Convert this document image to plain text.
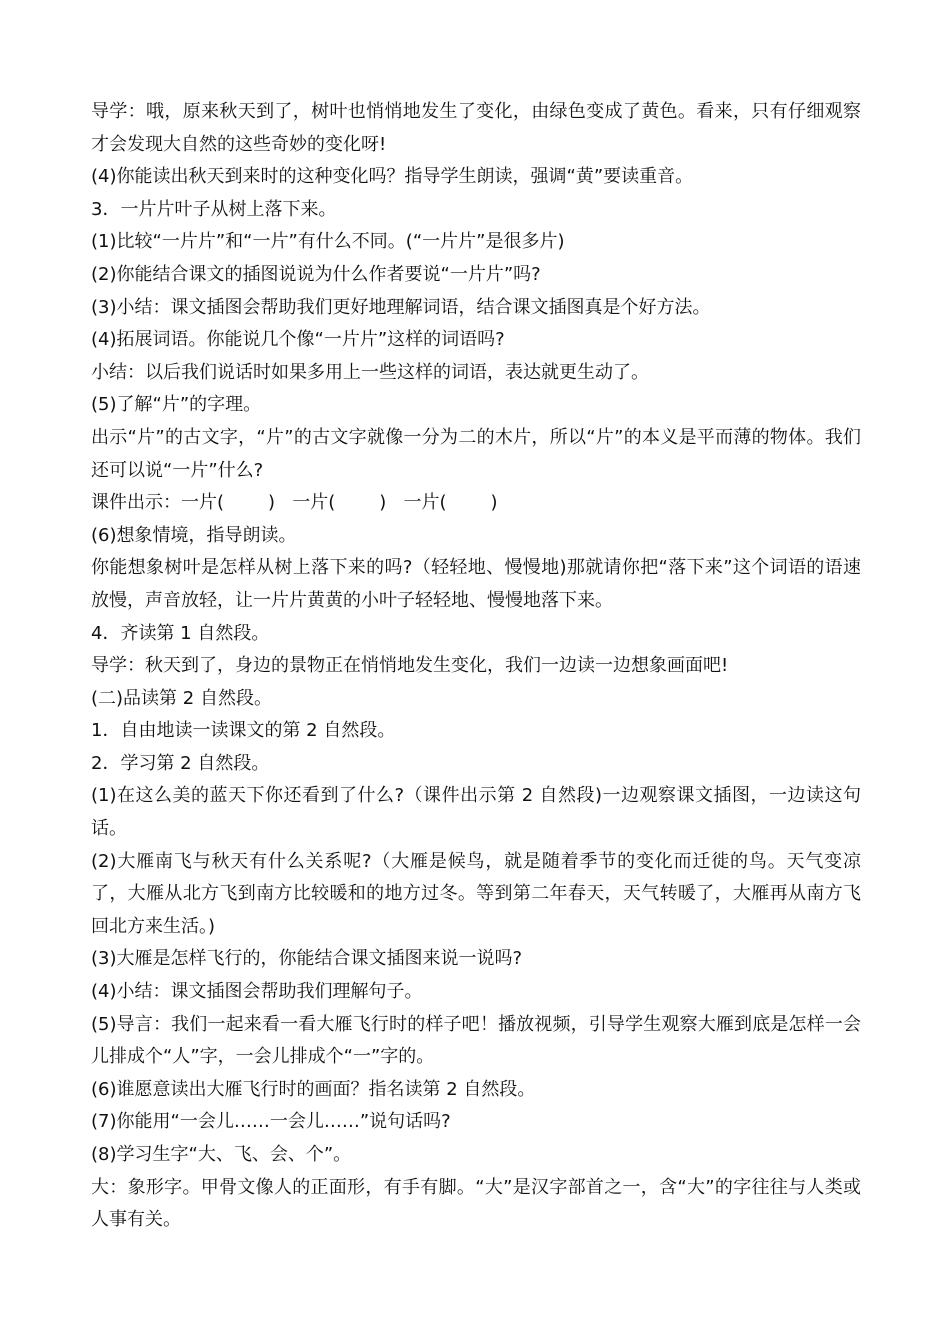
导学：哦，原来秋天到了，树叶也悄悄地发生了变化，由绿色变成了黄色。看来，只有仔细观察才会发现大自然的这些奇妙的变化呀!

(4)你能读出秋天到来时的这种变化吗？指导学生朗读，强调“黄”要读重音。

3．一片片叶子从树上落下来。

(1)比较“一片片”和“一片”有什么不同。(“一片片”是很多片)

(2)你能结合课文的插图说说为什么作者要说“一片片”吗?

(3)小结：课文插图会帮助我们更好地理解词语，结合课文插图真是个好方法。

(4)拓展词语。你能说几个像“一片片”这样的词语吗?

小结：以后我们说话时如果多用上一些这样的词语，表达就更生动了。

(5)了解“片”的字理。

出示“片”的古文字，“片”的古文字就像一分为二的木片，所以“片”的本义是平而薄的物体。我们还可以说“一片”什么?

课件出示：一片( ) 一片( ) 一片( )

(6)想象情境，指导朗读。

你能想象树叶是怎样从树上落下来的吗?（轻轻地、慢慢地)那就请你把“落下来”这个词语的语速放慢，声音放轻，让一片片黄黄的小叶子轻轻地、慢慢地落下来。

4．齐读第 1 自然段。

导学：秋天到了，身边的景物正在悄悄地发生变化，我们一边读一边想象画面吧!

(二)品读第 2 自然段。

1．自由地读一读课文的第 2 自然段。

2．学习第 2 自然段。

(1)在这么美的蓝天下你还看到了什么?（课件出示第 2 自然段)一边观察课文插图，一边读这句话。

(2)大雁南飞与秋天有什么关系呢?（大雁是候鸟，就是随着季节的变化而迁徙的鸟。天气变凉了，大雁从北方飞到南方比较暖和的地方过冬。等到第二年春天，天气转暖了，大雁再从南方飞回北方来生活。)

(3)大雁是怎样飞行的，你能结合课文插图来说一说吗?

(4)小结：课文插图会帮助我们理解句子。

(5)导言：我们一起来看一看大雁飞行时的样子吧！播放视频，引导学生观察大雁到底是怎样一会儿排成个“人”字，一会儿排成个“一”字的。

(6)谁愿意读出大雁飞行时的画面？指名读第 2 自然段。

(7)你能用“一会儿……一会儿……”说句话吗?

(8)学习生字“大、飞、会、个”。

大：象形字。甲骨文像人的正面形，有手有脚。“大”是汉字部首之一，含“大”的字往往与人类或人事有关。
